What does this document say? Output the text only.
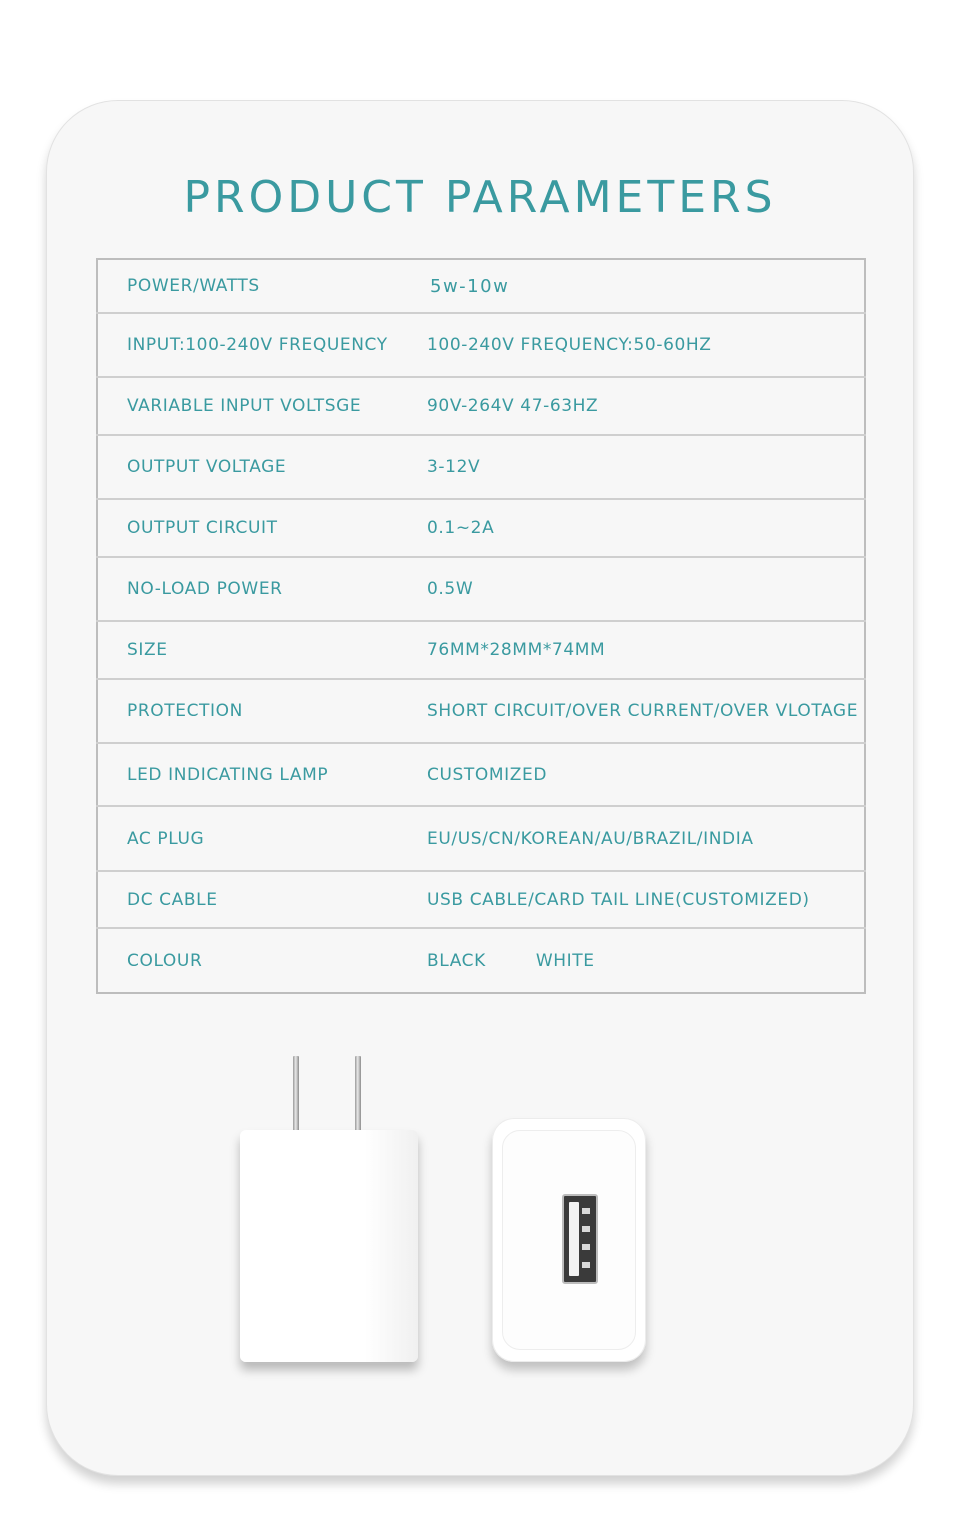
PRODUCT PARAMETERS
POWER/WATTS	5w-10w
INPUT:100-240V FREQUENCY	100-240V FREQUENCY:50-60HZ
VARIABLE INPUT VOLTSGE	90V-264V 47-63HZ
OUTPUT VOLTAGE	3-12V
OUTPUT CIRCUIT	0.1~2A
NO-LOAD POWER	0.5W
SIZE	76MM*28MM*74MM
PROTECTION	SHORT CIRCUIT/OVER CURRENT/OVER VLOTAGE
LED INDICATING LAMP	CUSTOMIZED
AC PLUG	EU/US/CN/KOREAN/AU/BRAZIL/INDIA
DC CABLE	USB CABLE/CARD TAIL LINE(CUSTOMIZED)
COLOUR	BLACK WHITE
